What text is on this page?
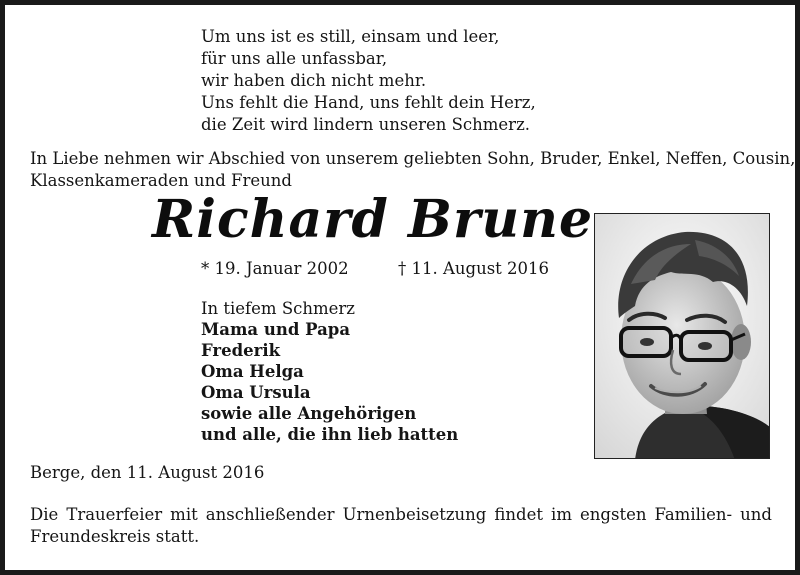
Um uns ist es still, einsam und leer,
für uns alle unfassbar,
wir haben dich nicht mehr.
Uns fehlt die Hand, uns fehlt dein Herz,
die Zeit wird lindern unseren Schmerz.
In Liebe nehmen wir Abschied von unserem geliebten Sohn, Bruder, Enkel, Neffen, Cousin,
Klassenkameraden und Freund
Richard Brune
* 19. Januar 2002	† 11. August 2016
In tiefem Schmerz
Mama und Papa
Frederik
Oma Helga
Oma Ursula
sowie alle Angehörigen
und alle, die ihn lieb hatten
Berge, den 11. August 2016
Die Trauerfeier mit anschließender Urnenbeisetzung findet im engsten Familien- und
Freundeskreis statt.
